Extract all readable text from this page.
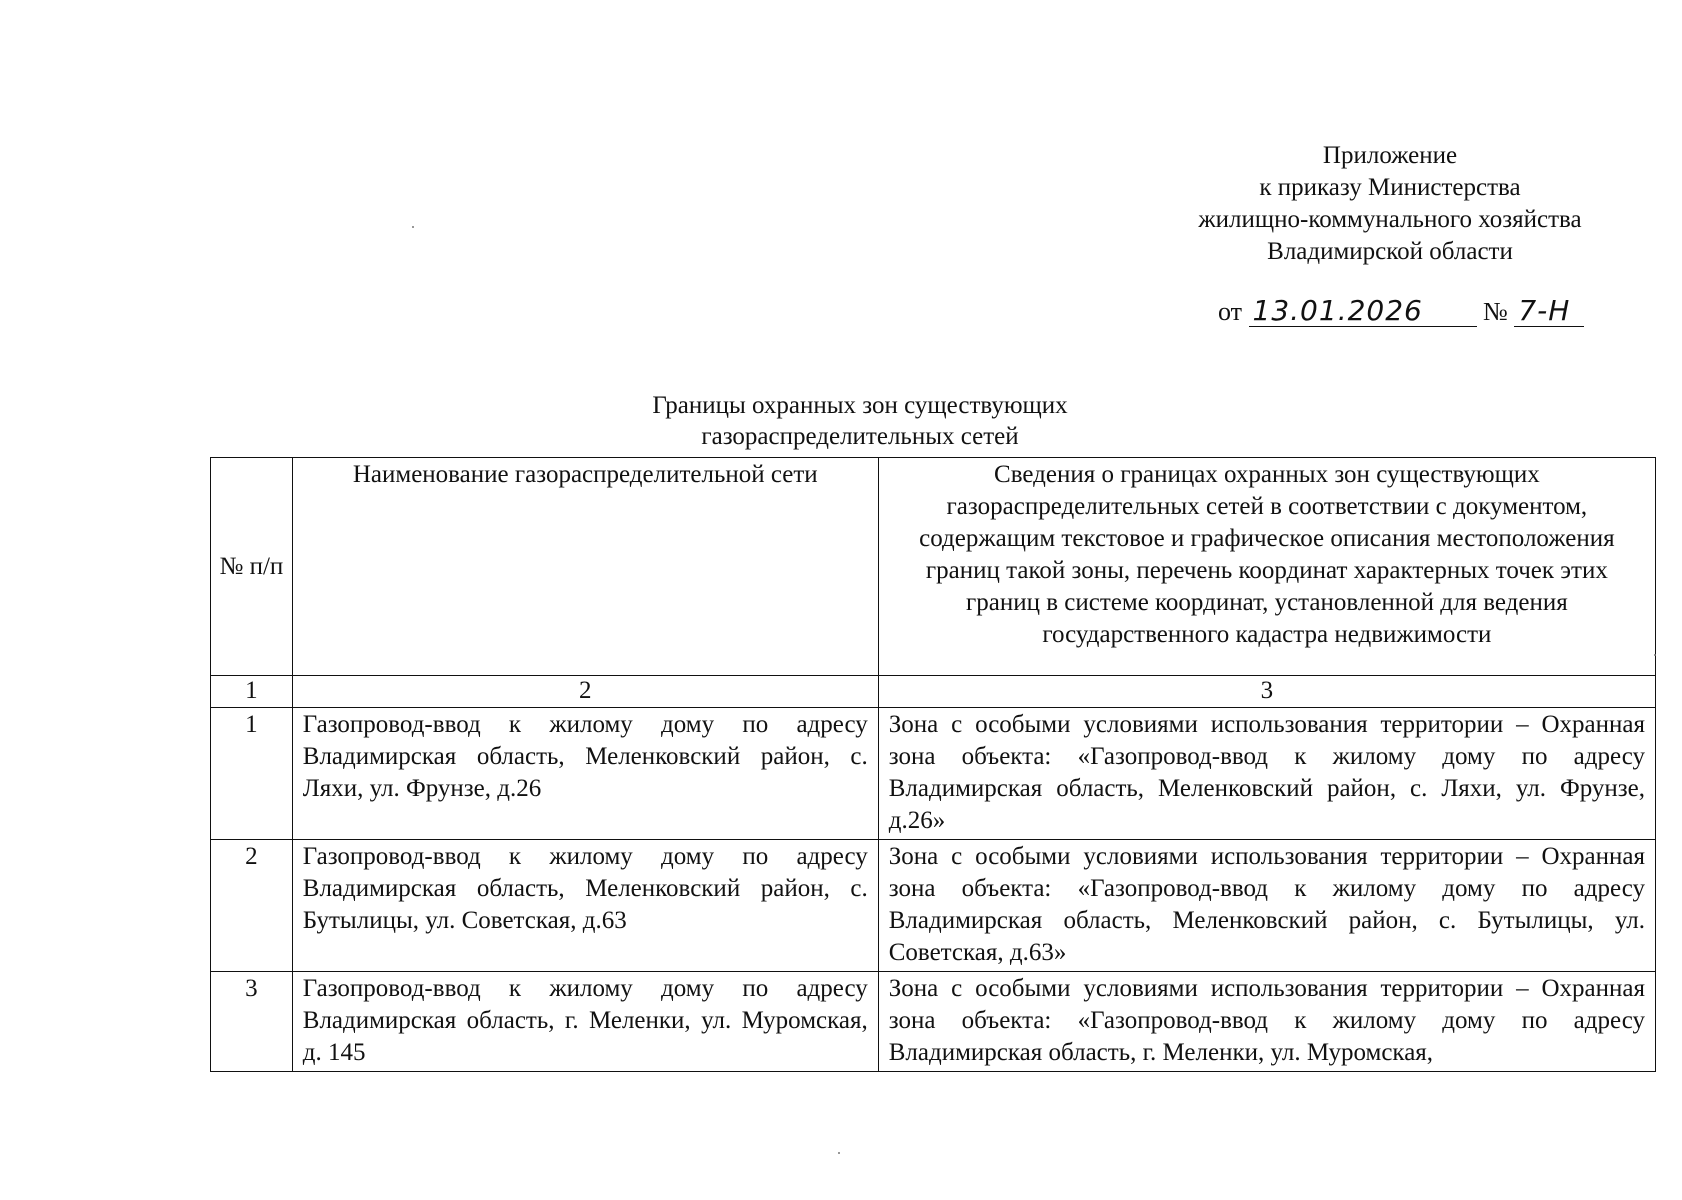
Приложение
к приказу Министерства
жилищно-коммунального хозяйства
Владимирской области
от 13.01.2026 № 7-Н
Границы охранных зон существующих
газораспределительных сетей
№ п/п	Наименование газораспределительной сети	Сведения о границах охранных зон существующих газораспределительных сетей в соответствии с документом, содержащим текстовое и графическое описания местоположения границ такой зоны, перечень координат характерных точек этих границ в системе координат, установленной для ведения государственного кадастра недвижимости
1	2	3
1	Газопровод-ввод к жилому дому по адресу Владимирская область, Меленковский район, с. Ляхи, ул. Фрунзе, д.26	Зона с особыми условиями использования территории – Охранная зона объекта: «Газопровод-ввод к жилому дому по адресу Владимирская область, Меленковский район, с. Ляхи, ул. Фрунзе, д.26»
2	Газопровод-ввод к жилому дому по адресу Владимирская область, Меленковский район, с. Бутылицы, ул. Советская, д.63	Зона с особыми условиями использования территории – Охранная зона объекта: «Газопровод-ввод к жилому дому по адресу Владимирская область, Меленковский район, с. Бутылицы, ул. Советская, д.63»
3	Газопровод-ввод к жилому дому по адресу Владимирская область, г. Меленки, ул. Муромская, д. 145	Зона с особыми условиями использования территории – Охранная зона объекта: «Газопровод-ввод к жилому дому по адресу Владимирская область, г. Меленки, ул. Муромская,
